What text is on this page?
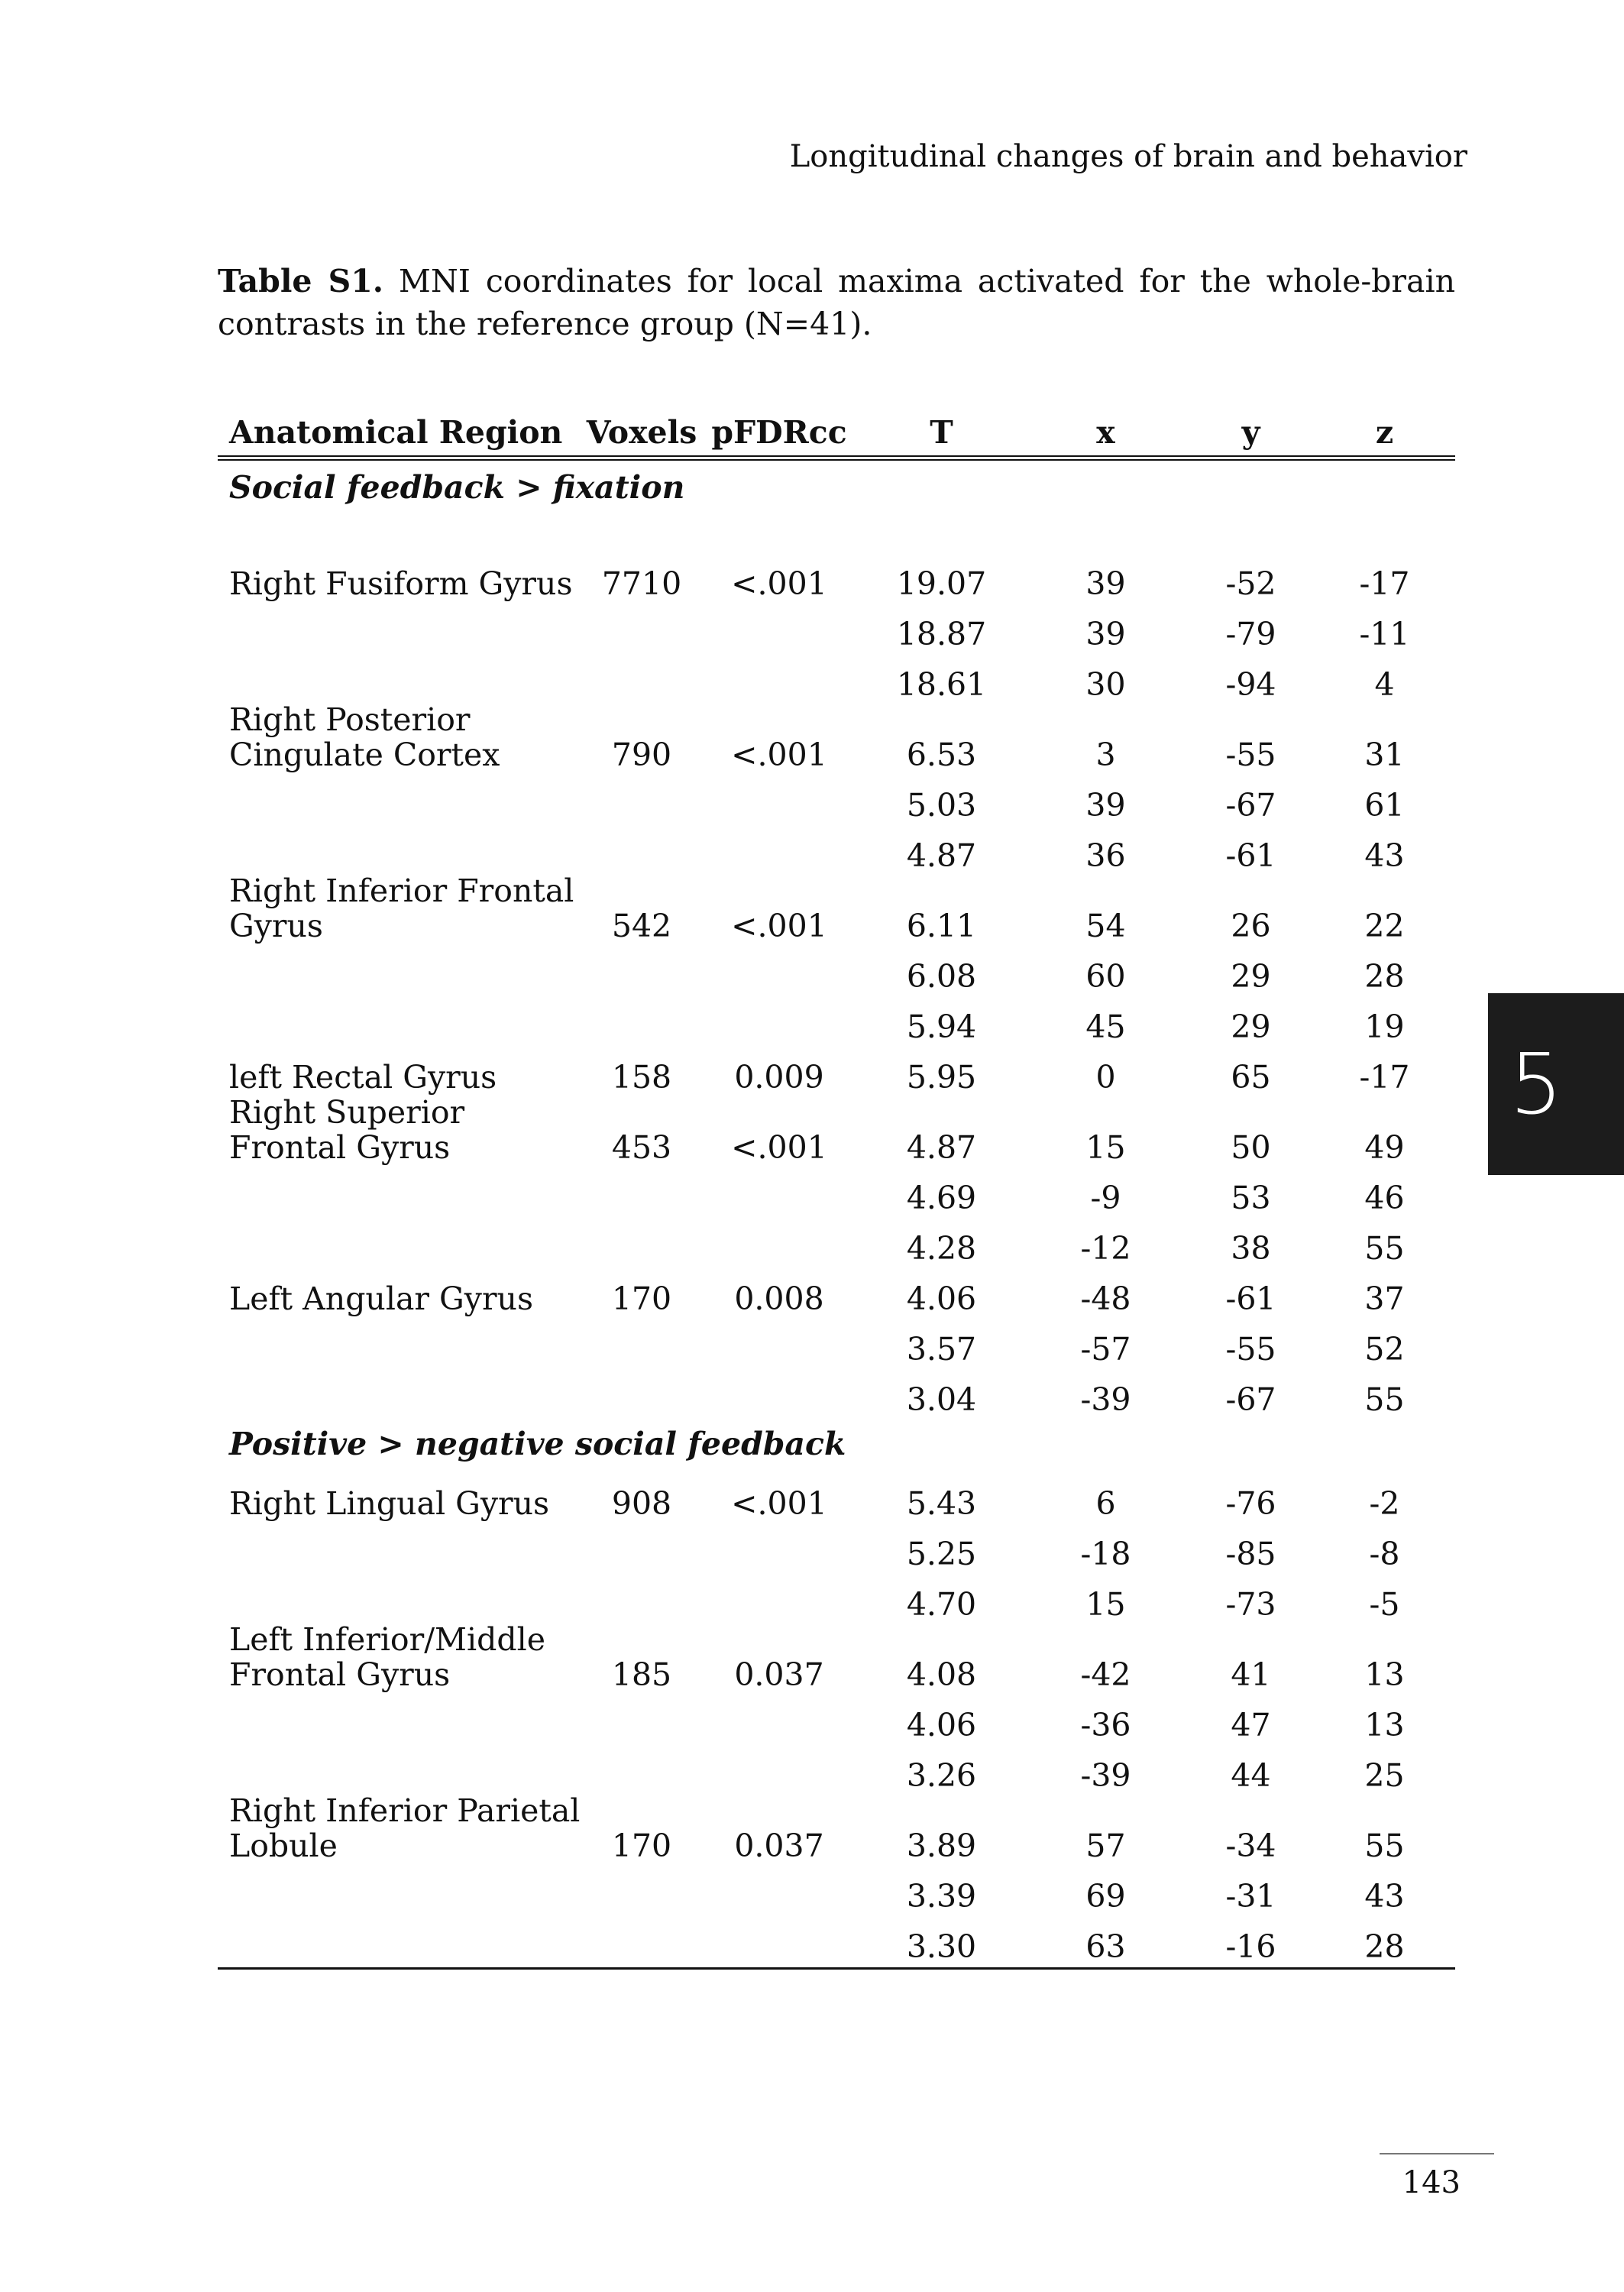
Longitudinal changes of brain and behavior
Table S1. MNI coordinates for local maxima activated for the whole-brain contrasts in the reference group (N=41).
Anatomical Region	Voxels	pFDRcc	T	x	y	z
Social feedback > fixation						

Right Fusiform Gyrus	7710	<.001	19.07	39	-52	-17
			18.87	39	-79	-11
			18.61	30	-94	4
Right Posterior Cingulate Cortex	790	<.001	6.53	3	-55	31
			5.03	39	-67	61
			4.87	36	-61	43
Right Inferior Frontal Gyrus	542	<.001	6.11	54	26	22
			6.08	60	29	28
			5.94	45	29	19
left Rectal Gyrus	158	0.009	5.95	0	65	-17
Right Superior Frontal Gyrus	453	<.001	4.87	15	50	49
			4.69	-9	53	46
			4.28	-12	38	55
Left Angular Gyrus	170	0.008	4.06	-48	-61	37
			3.57	-57	-55	52
			3.04	-39	-67	55
Positive > negative social feedback						
Right Lingual Gyrus	908	<.001	5.43	6	-76	-2
			5.25	-18	-85	-8
			4.70	15	-73	-5
Left Inferior/Middle Frontal Gyrus	185	0.037	4.08	-42	41	13
			4.06	-36	47	13
			3.26	-39	44	25
Right Inferior Parietal Lobule	170	0.037	3.89	57	-34	55
			3.39	69	-31	43
			3.30	63	-16	28
5
143
